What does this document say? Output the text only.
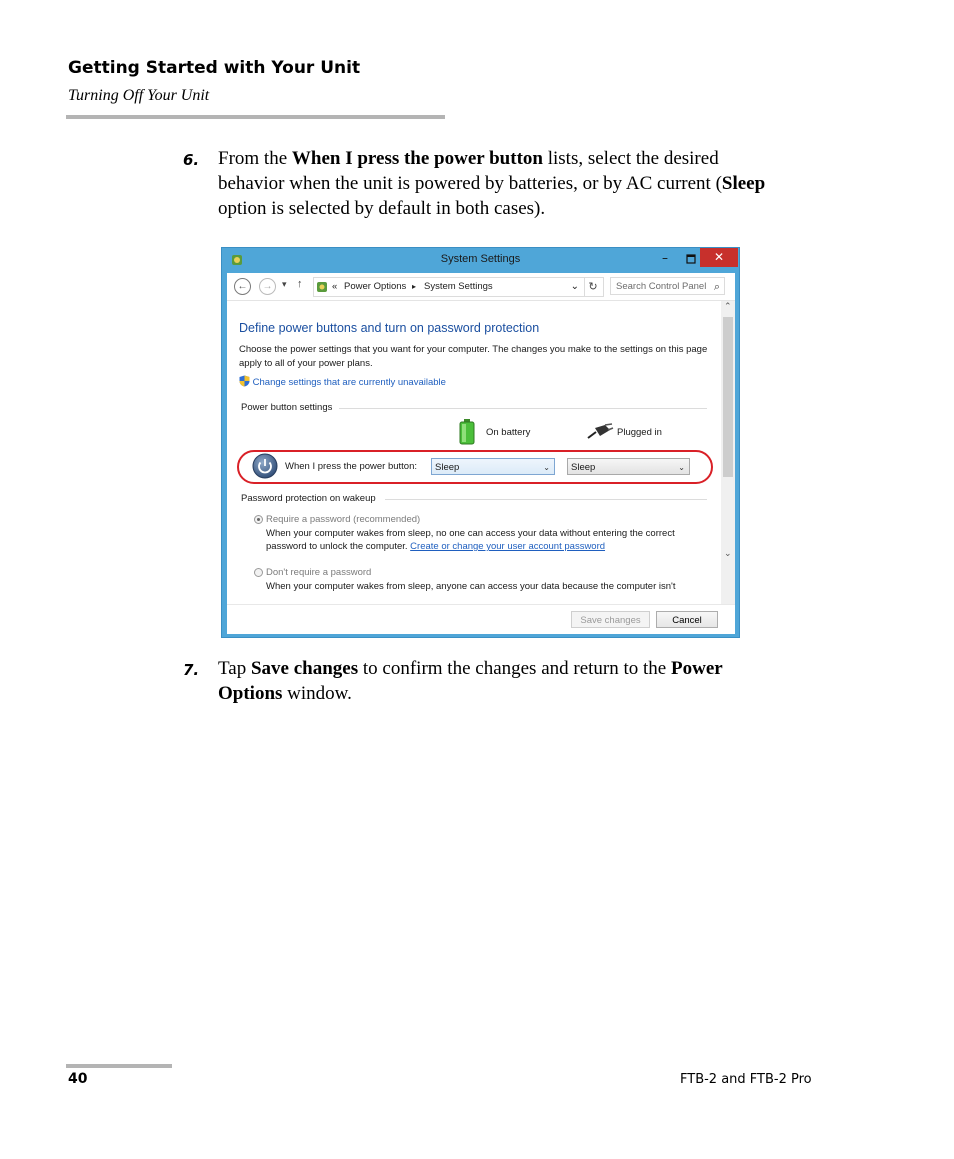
Getting Started with Your Unit
Turning Off Your Unit
6. From the When I press the power button lists, select the desired behavior when the unit is powered by batteries, or by AC current (Sleep option is selected by default in both cases).
System Settings	–	✕
←	→	▾ ↑	« Power Options ▸ System Settings	⌄ ↻	Search Control Panel ⌕
⌃
⌄
Define power buttons and turn on password protection
Choose the power settings that you want for your computer. The changes you make to the settings on this page apply to all of your power plans.
Change settings that are currently unavailable
Power button settings
On battery	Plugged in
When I press the power button:	Sleep	⌄	Sleep	⌄
Password protection on wakeup
Require a password (recommended)
When your computer wakes from sleep, no one can access your data without entering the correct
password to unlock the computer. Create or change your user account password
Don't require a password
When your computer wakes from sleep, anyone can access your data because the computer isn't
Save changes	Cancel
7. Tap Save changes to confirm the changes and return to the Power Options window.
40	FTB-2 and FTB-2 Pro
